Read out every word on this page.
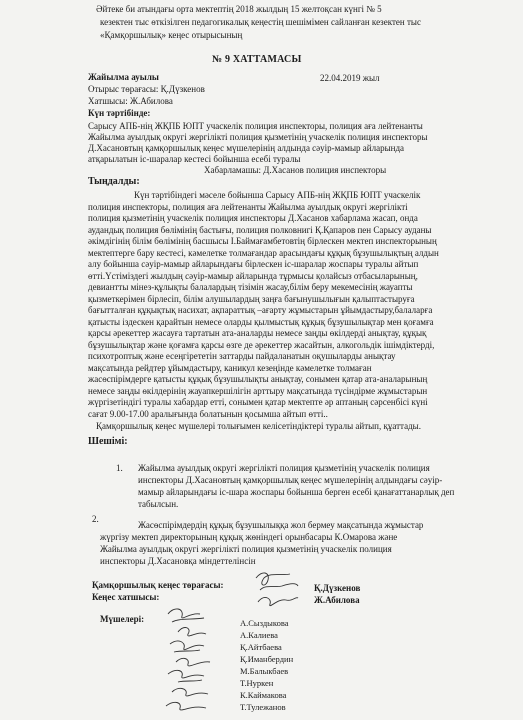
Әйтеке би атындағы орта мектептің 2018 жылдың 15 желтоқсан күнгі № 5
кезектен тыс өткізілген педагогикалық кеңестің шешімімен сайланған кезектен тыс
«Қамқоршылық» кеңес отырысының
№ 9 ХАТТАМАСЫ
Жайылма ауылы	22.04.2019 жыл
Отырыс төрағасы: Қ.Дүзкенов
Хатшысы: Ж.Абилова
Күн тәртібінде:
Сарысу АПБ-нің ЖҚПБ ЮПТ учаскелік полиция инспекторы, полиция аға лейтенанты
Жайылма ауылдық округі жергілікті полиция қызметінің учаскелік полиция инспекторы
Д.Хасановтың қамқоршылық кеңес мүшелерінің алдында сәуір-мамыр айларында
атқарылатын іс-шаралар кестесі бойынша есебі туралы
Хабарламашы: Д.Хасанов полиция инспекторы
Тыңдалды:
Күн тәртібіндегі мәселе бойынша Сарысу АПБ-нің ЖҚПБ ЮПТ учаскелік
полиция инспекторы, полиция аға лейтенанты Жайылма ауылдық округі жергілікті
полиция қызметінің учаскелік полиция инспекторы Д.Хасанов хабарлама жасап, онда
аудандық полиция бөлімінің бастығы, полиция полковнигі Қ.Қапаров пен Сарысу ауданы
әкімдігінің білім бөлімінің басшысы І.Баймағамбетовтің бірлескен мектеп инспекторының
мектептерге бару кестесі, кәмелетке толмағандар арасындағы құқық бұзушылықтың алдын
алу бойынша сәуір-мамыр айларындағы бірлескен іс-шаралар жоспары туралы айтып
өтті.Үстіміздегі жылдың сәуір-мамыр айларында тұрмысы қолайсыз отбасыларының,
девиантты мінез-құлықты балалардың тізімін жасау,білім беру мекемесінің жауапты
қызметкерімен бірлесіп, білім алушылардың заңға бағынушылығын қалыптастыруға
бағытталған құқықтық насихат, ақпараттық –ағарту жұмыстарын ұйымдастыру,балаларға
қатысты іздескен қарайтын немесе оларды қылмыстық құқық бұзушылықтар мен қоғамға
қарсы әрекеттер жасауға тартатын ата-аналарды немесе заңды өкілдерді анықтау, құқық
бұзушылықтар және қоғамға қарсы өзге де әрекеттер жасайтын, алкогольдік ішімдіктерді,
психотроптық және есеңгірететін заттарды пайдаланатын оқушыларды анықтау
мақсатында рейдтер ұйымдастыру, каникул кезеңінде кәмелетке толмаған
жасөспірімдерге қатысты құқық бұзушылықты анықтау, сонымен қатар ата-аналарының
немесе заңды өкілдерінің жауапкершілігін арттыру мақсатында түсіндірме жұмыстарын
жүргізетіндігі туралы хабардар етті, сонымен қатар мектепте әр аптаның сәрсенбісі күні
сағат 9.00-17.00 аралығында болатынын қосымша айтып өтті..
Қамқоршылық кеңес мүшелері толығымен келісетіндіктері туралы айтып, құаттады.
Шешімі:
1. Жайылма ауылдық округі жергілікті полиция қызметінің учаскелік полиция
инспекторы Д.Хасановтың қамқоршылық кеңес мүшелерінің алдындағы сәуір-
мамыр айларындағы іс-шара жоспары бойынша берген есебі қанағаттанарлық деп
табылсын.
2.
Жасөспірімдердің құқық бұзушылыққа жол бермеу мақсатында жұмыстар
жүргізу мектеп директорының құқық жөніндегі орынбасары К.Омарова және
Жайылма ауылдық округі жергілікті полиция қызметінің учаскелік полиция
инспекторы Д.Хасановқа міндеттелінсін
Қамқоршылық кеңес төрағасы:
Кеңес хатшысы:
Қ.Дүзкенов
Ж.Абилова
Мүшелері:	А.Сыздыкова
А.Калиева
Қ.Айтбаева
Қ.Иманбердин
М.Балыкбаев
Т.Нуркен
К.Каймакова
Т.Тулежанов
